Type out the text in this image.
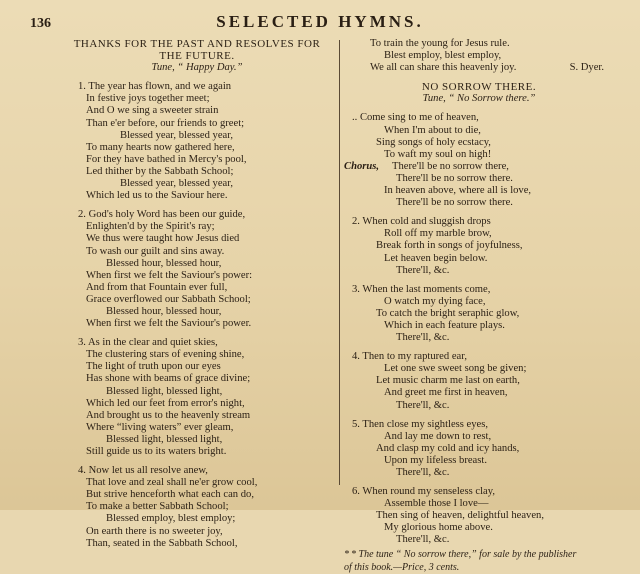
136	SELECTED HYMNS.
THANKS FOR THE PAST AND RESOLVES FOR
THE FUTURE.
Tune, “ Happy Day.”
1. The year has flown, and we again
In festive joys together meet;
And O we sing a sweeter strain
Than e'er before, our friends to greet;
Blessed year, blessed year,
To many hearts now gathered here,
For they have bathed in Mercy's pool,
Led thither by the Sabbath School;
Blessed year, blessed year,
Which led us to the Saviour here.
2. God's holy Word has been our guide,
Enlighten'd by the Spirit's ray;
We thus were taught how Jesus died
To wash our guilt and sins away.
Blessed hour, blessed hour,
When first we felt the Saviour's power:
And from that Fountain ever full,
Grace overflowed our Sabbath School;
Blessed hour, blessed hour,
When first we felt the Saviour's power.
3. As in the clear and quiet skies,
The clustering stars of evening shine,
The light of truth upon our eyes
Has shone with beams of grace divine;
Blessed light, blessed light,
Which led our feet from error's night,
And brought us to the heavenly stream
Where “living waters” ever gleam,
Blessed light, blessed light,
Still guide us to its waters bright.
4. Now let us all resolve anew,
That love and zeal shall ne'er grow cool,
But strive henceforth what each can do,
To make a better Sabbath School;
Blessed employ, blest employ;
On earth there is no sweeter joy,
Than, seated in the Sabbath School,
To train the young for Jesus rule.
Blest employ, blest employ,
We all can share this heavenly joy.	S. Dyer.
NO SORROW THERE.
Tune, “ No Sorrow there.”
.. Come sing to me of heaven,
When I'm about to die,
Sing songs of holy ecstacy,
To waft my soul on high!
Chorus,	There'll be no sorrow there,
There'll be no sorrow there.
In heaven above, where all is love,
There'll be no sorrow there.
2. When cold and sluggish drops
Roll off my marble brow,
Break forth in songs of joyfulness,
Let heaven begin below.
There'll, &c.
3. When the last moments come,
O watch my dying face,
To catch the bright seraphic glow,
Which in each feature plays.
There'll, &c.
4. Then to my raptured ear,
Let one swe sweet song be given;
Let music charm me last on earth,
And greet me first in heaven,
There'll, &c.
5. Then close my sightless eyes,
And lay me down to rest,
And clasp my cold and icy hands,
Upon my lifeless breast.
There'll, &c.
6. When round my senseless clay,
Assemble those I love—
Then sing of heaven, delightful heaven,
My glorious home above.
There'll, &c.
* * The tune “ No sorrow there,” for sale by the publisher
of this book.—Price, 3 cents.
